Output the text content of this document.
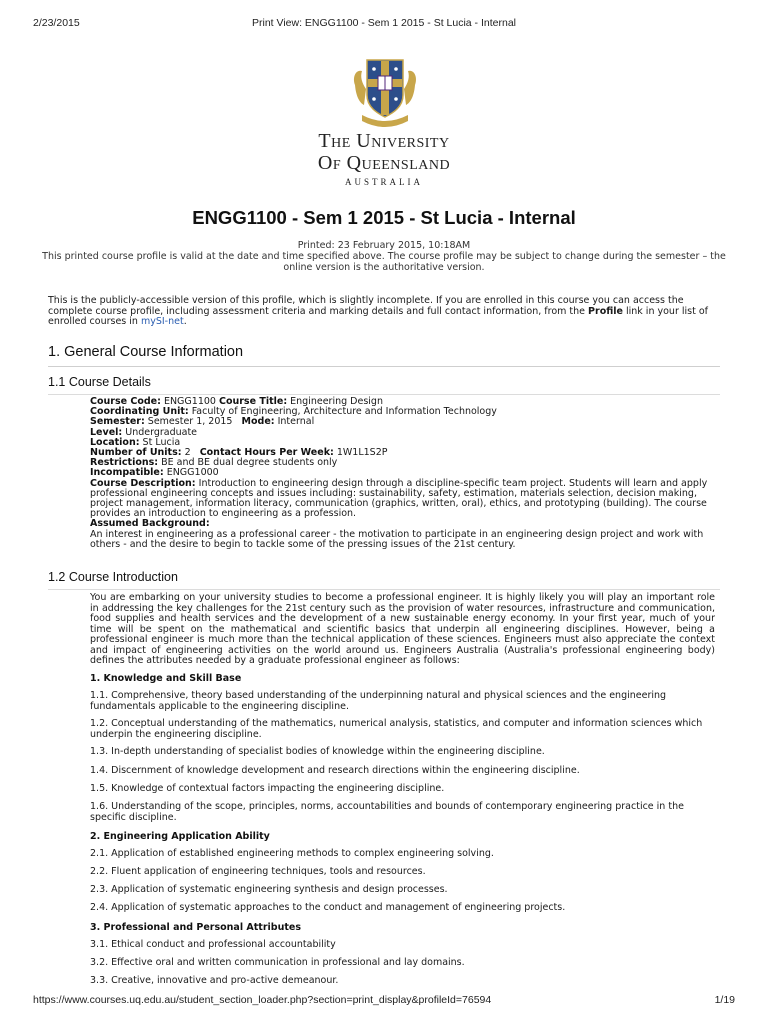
2/23/2015	Print View: ENGG1100 - Sem 1 2015 - St Lucia - Internal
The University
Of Queensland
AUSTRALIA
ENGG1100 - Sem 1 2015 - St Lucia - Internal
Printed: 23 February 2015, 10:18AM
This printed course profile is valid at the date and time specified above. The course profile may be subject to change during the semester – the online version is the authoritative version.
This is the publicly-accessible version of this profile, which is slightly incomplete. If you are enrolled in this course you can access the complete course profile, including assessment criteria and marking details and full contact information, from the Profile link in your list of enrolled courses in mySI-net.
1. General Course Information
1.1 Course Details
Course Code: ENGG1100 Course Title: Engineering Design
Coordinating Unit: Faculty of Engineering, Architecture and Information Technology
Semester: Semester 1, 2015 Mode: Internal
Level: Undergraduate
Location: St Lucia
Number of Units: 2 Contact Hours Per Week: 1W1L1S2P
Restrictions: BE and BE dual degree students only
Incompatible: ENGG1000
Course Description: Introduction to engineering design through a discipline-specific team project. Students will learn and apply professional engineering concepts and issues including: sustainability, safety, estimation, materials selection, decision making, project management, information literacy, communication (graphics, written, oral), ethics, and prototyping (building). The course provides an introduction to engineering as a profession.
Assumed Background:
An interest in engineering as a professional career - the motivation to participate in an engineering design project and work with others - and the desire to begin to tackle some of the pressing issues of the 21st century.
1.2 Course Introduction
You are embarking on your university studies to become a professional engineer. It is highly likely you will play an important role in addressing the key challenges for the 21st century such as the provision of water resources, infrastructure and communication, food supplies and health services and the development of a new sustainable energy economy. In your first year, much of your time will be spent on the mathematical and scientific basics that underpin all engineering disciplines. However, being a professional engineer is much more than the technical application of these sciences. Engineers must also appreciate the context and impact of engineering activities on the world around us. Engineers Australia (Australia's professional engineering body) defines the attributes needed by a graduate professional engineer as follows:
1. Knowledge and Skill Base
1.1. Comprehensive, theory based understanding of the underpinning natural and physical sciences and the engineering fundamentals applicable to the engineering discipline.
1.2. Conceptual understanding of the mathematics, numerical analysis, statistics, and computer and information sciences which underpin the engineering discipline.
1.3. In-depth understanding of specialist bodies of knowledge within the engineering discipline.
1.4. Discernment of knowledge development and research directions within the engineering discipline.
1.5. Knowledge of contextual factors impacting the engineering discipline.
1.6. Understanding of the scope, principles, norms, accountabilities and bounds of contemporary engineering practice in the specific discipline.
2. Engineering Application Ability
2.1. Application of established engineering methods to complex engineering solving.
2.2. Fluent application of engineering techniques, tools and resources.
2.3. Application of systematic engineering synthesis and design processes.
2.4. Application of systematic approaches to the conduct and management of engineering projects.
3. Professional and Personal Attributes
3.1. Ethical conduct and professional accountability
3.2. Effective oral and written communication in professional and lay domains.
3.3. Creative, innovative and pro-active demeanour.
https://www.courses.uq.edu.au/student_section_loader.php?section=print_display&profileId=76594	1/19
